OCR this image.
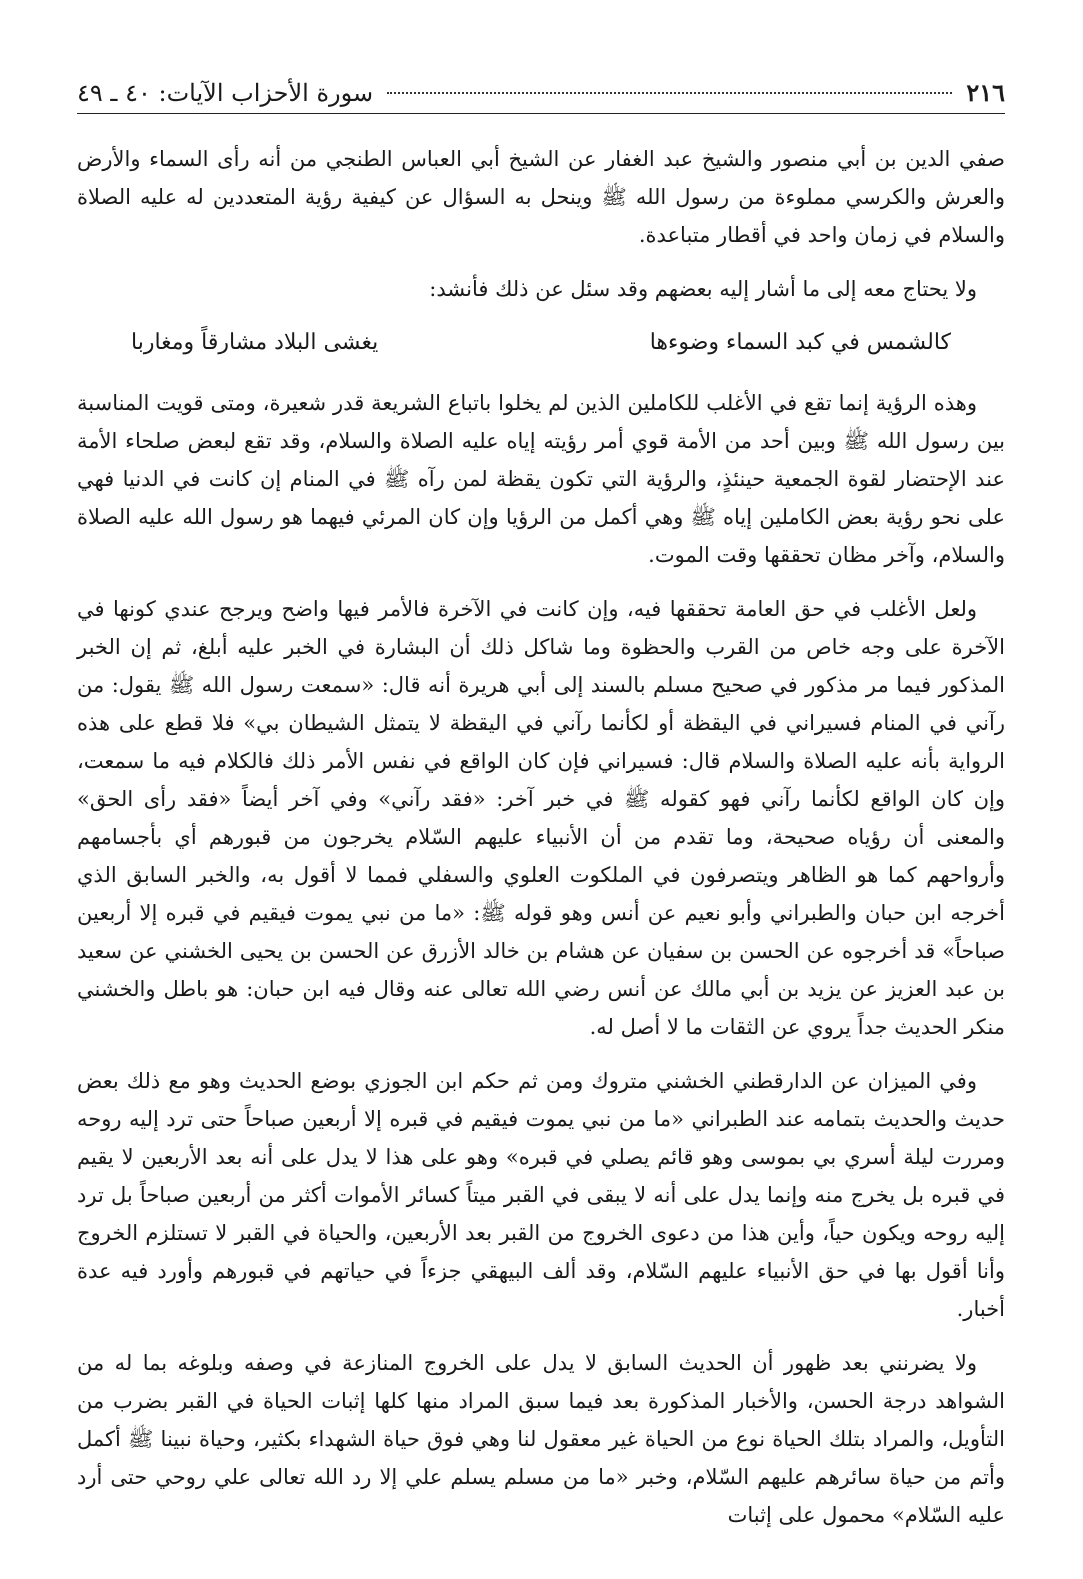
٢١٦
سورة الأحزاب الآيات: ٤٠ ـ ٤٩

صفي الدين بن أبي منصور والشيخ عبد الغفار عن الشيخ أبي العباس الطنجي من أنه رأى السماء والأرض والعرش والكرسي مملوءة من رسول الله ﷺ وينحل به السؤال عن كيفية رؤية المتعددين له عليه الصلاة والسلام في زمان واحد في أقطار متباعدة.

ولا يحتاج معه إلى ما أشار إليه بعضهم وقد سئل عن ذلك فأنشد:

كالشمس في كبد السماء وضوءها
يغشى البلاد مشارقاً ومغاربا

وهذه الرؤية إنما تقع في الأغلب للكاملين الذين لم يخلوا باتباع الشريعة قدر شعيرة، ومتى قويت المناسبة بين رسول الله ﷺ وبين أحد من الأمة قوي أمر رؤيته إياه عليه الصلاة والسلام، وقد تقع لبعض صلحاء الأمة عند الإحتضار لقوة الجمعية حينئذٍ، والرؤية التي تكون يقظة لمن رآه ﷺ في المنام إن كانت في الدنيا فهي على نحو رؤية بعض الكاملين إياه ﷺ وهي أكمل من الرؤيا وإن كان المرئي فيهما هو رسول الله عليه الصلاة والسلام، وآخر مظان تحققها وقت الموت.

ولعل الأغلب في حق العامة تحققها فيه، وإن كانت في الآخرة فالأمر فيها واضح ويرجح عندي كونها في الآخرة على وجه خاص من القرب والحظوة وما شاكل ذلك أن البشارة في الخبر عليه أبلغ، ثم إن الخبر المذكور فيما مر مذكور في صحيح مسلم بالسند إلى أبي هريرة أنه قال: «سمعت رسول الله ﷺ يقول: من رآني في المنام فسيراني في اليقظة أو لكأنما رآني في اليقظة لا يتمثل الشيطان بي» فلا قطع على هذه الرواية بأنه عليه الصلاة والسلام قال: فسيراني فإن كان الواقع في نفس الأمر ذلك فالكلام فيه ما سمعت، وإن كان الواقع لكأنما رآني فهو كقوله ﷺ في خبر آخر: «فقد رآني» وفي آخر أيضاً «فقد رأى الحق» والمعنى أن رؤياه صحيحة، وما تقدم من أن الأنبياء عليهم السّلام يخرجون من قبورهم أي بأجسامهم وأرواحهم كما هو الظاهر ويتصرفون في الملكوت العلوي والسفلي فمما لا أقول به، والخبر السابق الذي أخرجه ابن حبان والطبراني وأبو نعيم عن أنس وهو قوله ﷺ: «ما من نبي يموت فيقيم في قبره إلا أربعين صباحاً» قد أخرجوه عن الحسن بن سفيان عن هشام بن خالد الأزرق عن الحسن بن يحيى الخشني عن سعيد بن عبد العزيز عن يزيد بن أبي مالك عن أنس رضي الله تعالى عنه وقال فيه ابن حبان: هو باطل والخشني منكر الحديث جداً يروي عن الثقات ما لا أصل له.

وفي الميزان عن الدارقطني الخشني متروك ومن ثم حكم ابن الجوزي بوضع الحديث وهو مع ذلك بعض حديث والحديث بتمامه عند الطبراني «ما من نبي يموت فيقيم في قبره إلا أربعين صباحاً حتى ترد إليه روحه ومررت ليلة أسري بي بموسى وهو قائم يصلي في قبره» وهو على هذا لا يدل على أنه بعد الأربعين لا يقيم في قبره بل يخرج منه وإنما يدل على أنه لا يبقى في القبر ميتاً كسائر الأموات أكثر من أربعين صباحاً بل ترد إليه روحه ويكون حياً، وأين هذا من دعوى الخروج من القبر بعد الأربعين، والحياة في القبر لا تستلزم الخروج وأنا أقول بها في حق الأنبياء عليهم السّلام، وقد ألف البيهقي جزءاً في حياتهم في قبورهم وأورد فيه عدة أخبار.

ولا يضرنني بعد ظهور أن الحديث السابق لا يدل على الخروج المنازعة في وصفه وبلوغه بما له من الشواهد درجة الحسن، والأخبار المذكورة بعد فيما سبق المراد منها كلها إثبات الحياة في القبر بضرب من التأويل، والمراد بتلك الحياة نوع من الحياة غير معقول لنا وهي فوق حياة الشهداء بكثير، وحياة نبينا ﷺ أكمل وأتم من حياة سائرهم عليهم السّلام، وخبر «ما من مسلم يسلم علي إلا رد الله تعالى علي روحي حتى أرد عليه السّلام» محمول على إثبات
